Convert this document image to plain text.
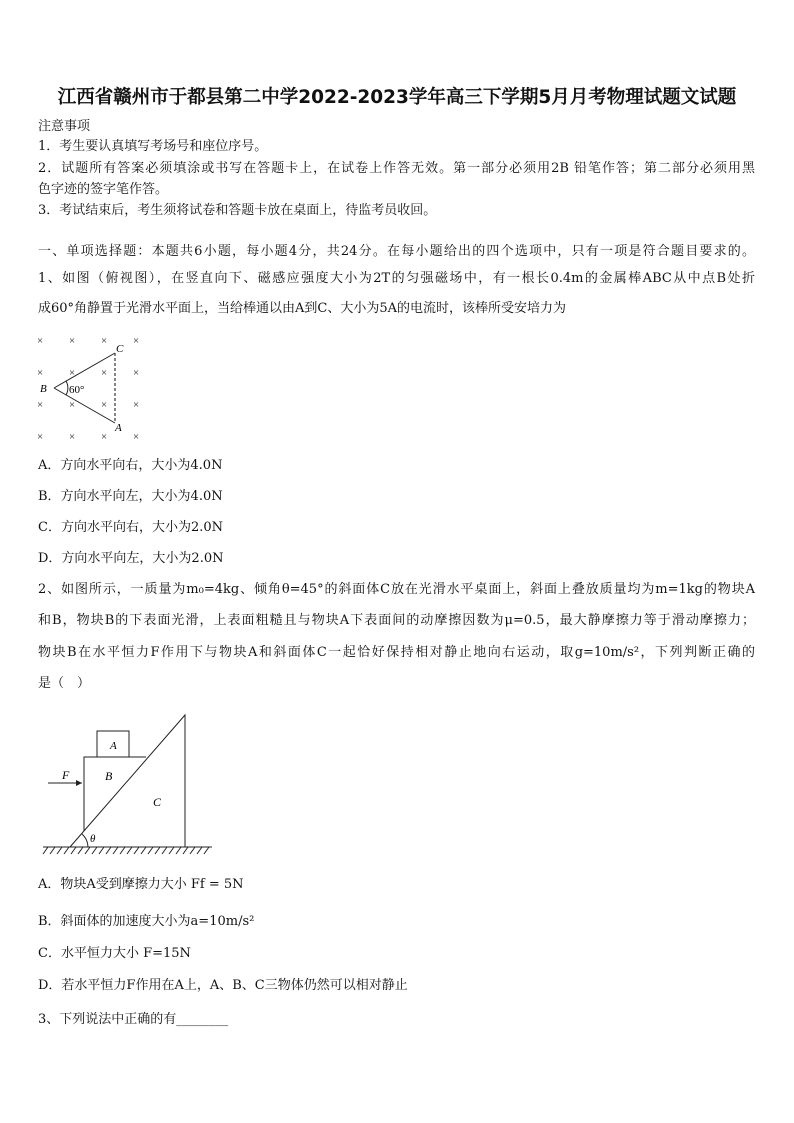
江西省赣州市于都县第二中学2022-2023学年高三下学期5月月考物理试题文试题
注意事项
1．考生要认真填写考场号和座位序号。
2．试题所有答案必须填涂或书写在答题卡上，在试卷上作答无效。第一部分必须用2B 铅笔作答；第二部分必须用黑
色字迹的签字笔作答。
3．考试结束后，考生须将试卷和答题卡放在桌面上，待监考员收回。
一、单项选择题：本题共6小题，每小题4分，共24分。在每小题给出的四个选项中，只有一项是符合题目要求的。
1、如图（俯视图），在竖直向下、磁感应强度大小为2T的匀强磁场中，有一根长0.4m的金属棒ABC从中点B处折
成60°角静置于光滑水平面上，当给棒通以由A到C、大小为5A的电流时，该棒所受安培力为
× ×	×
× × × ×
× × × ×
× × × ×
×
C
B
A
60°
A．方向水平向右，大小为4.0N
B．方向水平向左，大小为4.0N
C．方向水平向右，大小为2.0N
D．方向水平向左，大小为2.0N
2、如图所示，一质量为m₀=4kg、倾角θ=45°的斜面体C放在光滑水平桌面上，斜面上叠放质量均为m=1kg的物块A
和B，物块B的下表面光滑，上表面粗糙且与物块A下表面间的动摩擦因数为μ=0.5，最大静摩擦力等于滑动摩擦力；
物块B在水平恒力F作用下与物块A和斜面体C一起恰好保持相对静止地向右运动，取g=10m/s²，下列判断正确的
是（　）
A
B
C
F
θ
A．物块A受到摩擦力大小 Ff = 5N
B．斜面体的加速度大小为a=10m/s²
C．水平恒力大小 F=15N
D．若水平恒力F作用在A上，A、B、C三物体仍然可以相对静止
3、下列说法中正确的有________
